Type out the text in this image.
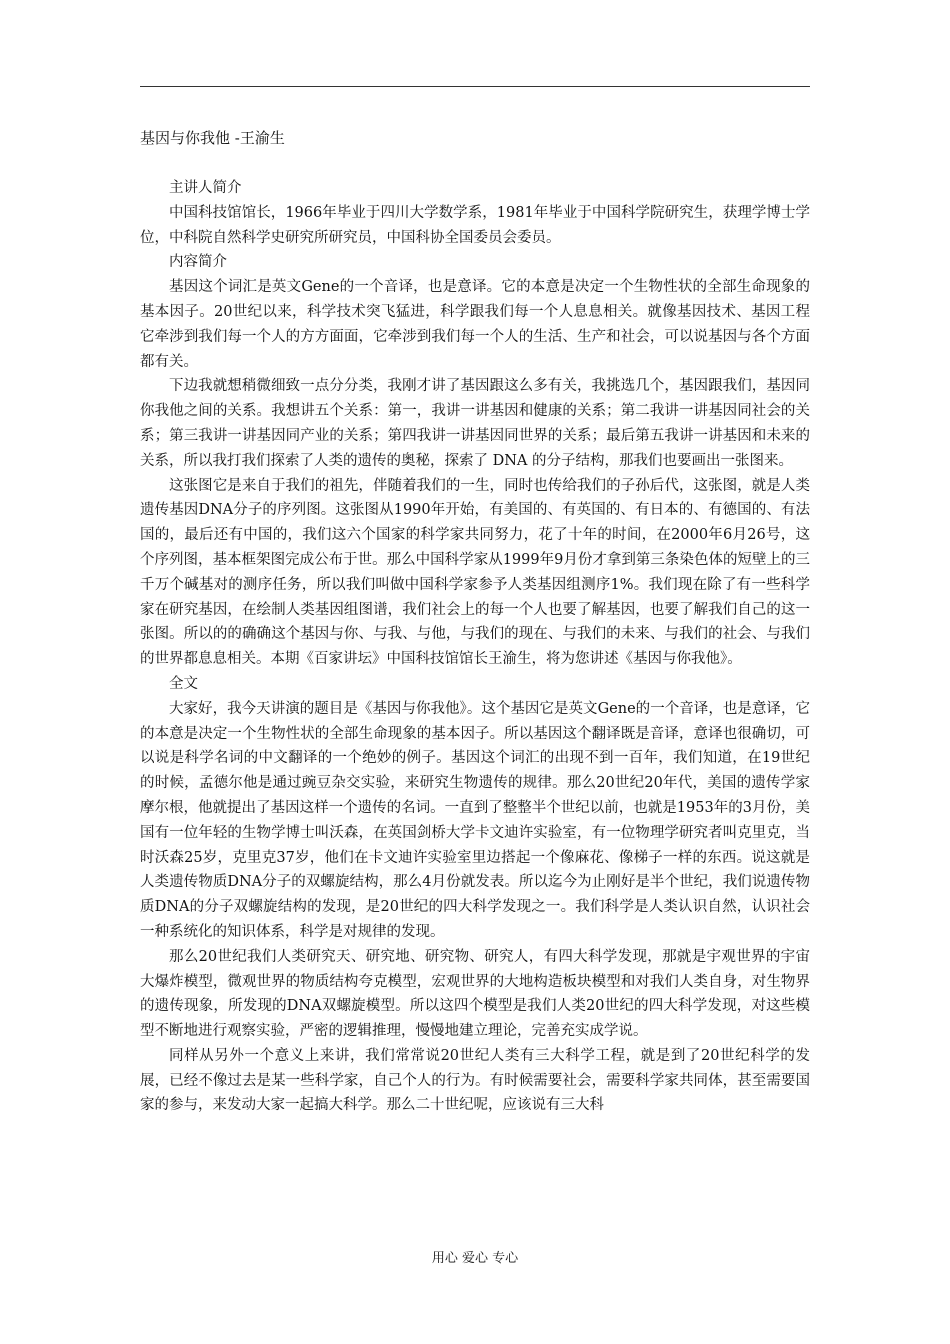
基因与你我他 -王渝生

主讲人简介

中国科技馆馆长，1966年毕业于四川大学数学系，1981年毕业于中国科学院研究生，获理学博士学位，中科院自然科学史研究所研究员，中国科协全国委员会委员。

内容简介

基因这个词汇是英文Gene的一个音译，也是意译。它的本意是决定一个生物性状的全部生命现象的基本因子。20世纪以来，科学技术突飞猛进，科学跟我们每一个人息息相关。就像基因技术、基因工程它牵涉到我们每一个人的方方面面，它牵涉到我们每一个人的生活、生产和社会，可以说基因与各个方面都有关。

下边我就想稍微细致一点分分类，我刚才讲了基因跟这么多有关，我挑选几个，基因跟我们，基因同你我他之间的关系。我想讲五个关系：第一，我讲一讲基因和健康的关系；第二我讲一讲基因同社会的关系；第三我讲一讲基因同产业的关系；第四我讲一讲基因同世界的关系；最后第五我讲一讲基因和未来的关系，所以我打我们探索了人类的遗传的奥秘，探索了 DNA 的分子结构，那我们也要画出一张图来。

这张图它是来自于我们的祖先，伴随着我们的一生，同时也传给我们的子孙后代，这张图，就是人类遗传基因DNA分子的序列图。这张图从1990年开始，有美国的、有英国的、有日本的、有德国的、有法国的，最后还有中国的，我们这六个国家的科学家共同努力，花了十年的时间，在2000年6月26号，这个序列图，基本框架图完成公布于世。那么中国科学家从1999年9月份才拿到第三条染色体的短壁上的三千万个碱基对的测序任务，所以我们叫做中国科学家参予人类基因组测序1%。我们现在除了有一些科学家在研究基因，在绘制人类基因组图谱，我们社会上的每一个人也要了解基因，也要了解我们自己的这一张图。所以的的确确这个基因与你、与我、与他，与我们的现在、与我们的未来、与我们的社会、与我们的世界都息息相关。本期《百家讲坛》中国科技馆馆长王渝生，将为您讲述《基因与你我他》。

全文

大家好，我今天讲演的题目是《基因与你我他》。这个基因它是英文Gene的一个音译，也是意译，它的本意是决定一个生物性状的全部生命现象的基本因子。所以基因这个翻译既是音译，意译也很确切，可以说是科学名词的中文翻译的一个绝妙的例子。基因这个词汇的出现不到一百年，我们知道，在19世纪的时候，孟德尔他是通过豌豆杂交实验，来研究生物遗传的规律。那么20世纪20年代，美国的遗传学家摩尔根，他就提出了基因这样一个遗传的名词。一直到了整整半个世纪以前，也就是1953年的3月份，美国有一位年轻的生物学博士叫沃森，在英国剑桥大学卡文迪许实验室，有一位物理学研究者叫克里克，当时沃森25岁，克里克37岁，他们在卡文迪许实验室里边搭起一个像麻花、像梯子一样的东西。说这就是人类遗传物质DNA分子的双螺旋结构，那么4月份就发表。所以迄今为止刚好是半个世纪，我们说遗传物质DNA的分子双螺旋结构的发现，是20世纪的四大科学发现之一。我们科学是人类认识自然，认识社会一种系统化的知识体系，科学是对规律的发现。

那么20世纪我们人类研究天、研究地、研究物、研究人，有四大科学发现，那就是宇观世界的宇宙大爆炸模型，微观世界的物质结构夸克模型，宏观世界的大地构造板块模型和对我们人类自身，对生物界的遗传现象，所发现的DNA双螺旋模型。所以这四个模型是我们人类20世纪的四大科学发现，对这些模型不断地进行观察实验，严密的逻辑推理，慢慢地建立理论，完善充实成学说。

同样从另外一个意义上来讲，我们常常说20世纪人类有三大科学工程，就是到了20世纪科学的发展，已经不像过去是某一些科学家，自己个人的行为。有时候需要社会，需要科学家共同体，甚至需要国家的参与，来发动大家一起搞大科学。那么二十世纪呢，应该说有三大科

用心 爱心 专心
